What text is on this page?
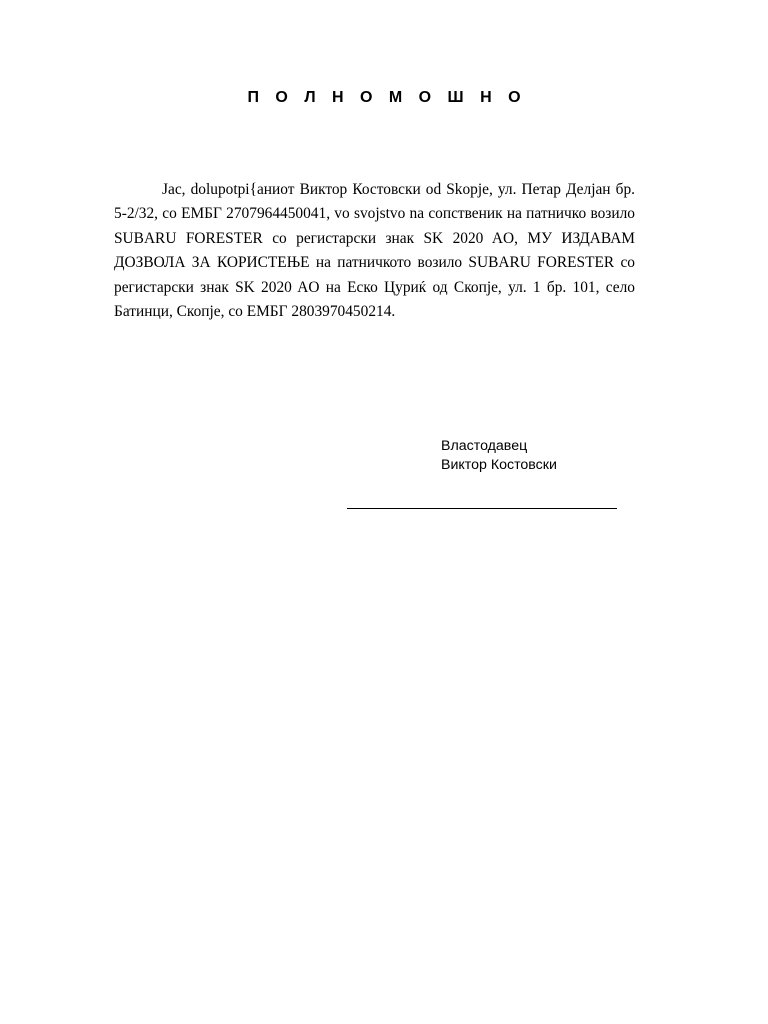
П О Л Н О М О Ш Н О

Јас, dolupotpi{аниот Виктор Костовски od Skopje, ул. Петар Делјан бр. 5-2/32, со ЕМБГ 2707964450041, vo svojstvo na сопственик на патничко возило SUBARU FORESTER со регистарски знак SK 2020 AO, МУ ИЗДАВАМ ДОЗВОЛА ЗА КОРИСТЕЊЕ на патничкото возило SUBARU FORESTER со регистарски знак SK 2020 AO на Еско Цуриќ од Скопје, ул. 1 бр. 101, село Батинци, Скопје, со ЕМБГ 2803970450214.

Властодавец
Виктор Костовски
